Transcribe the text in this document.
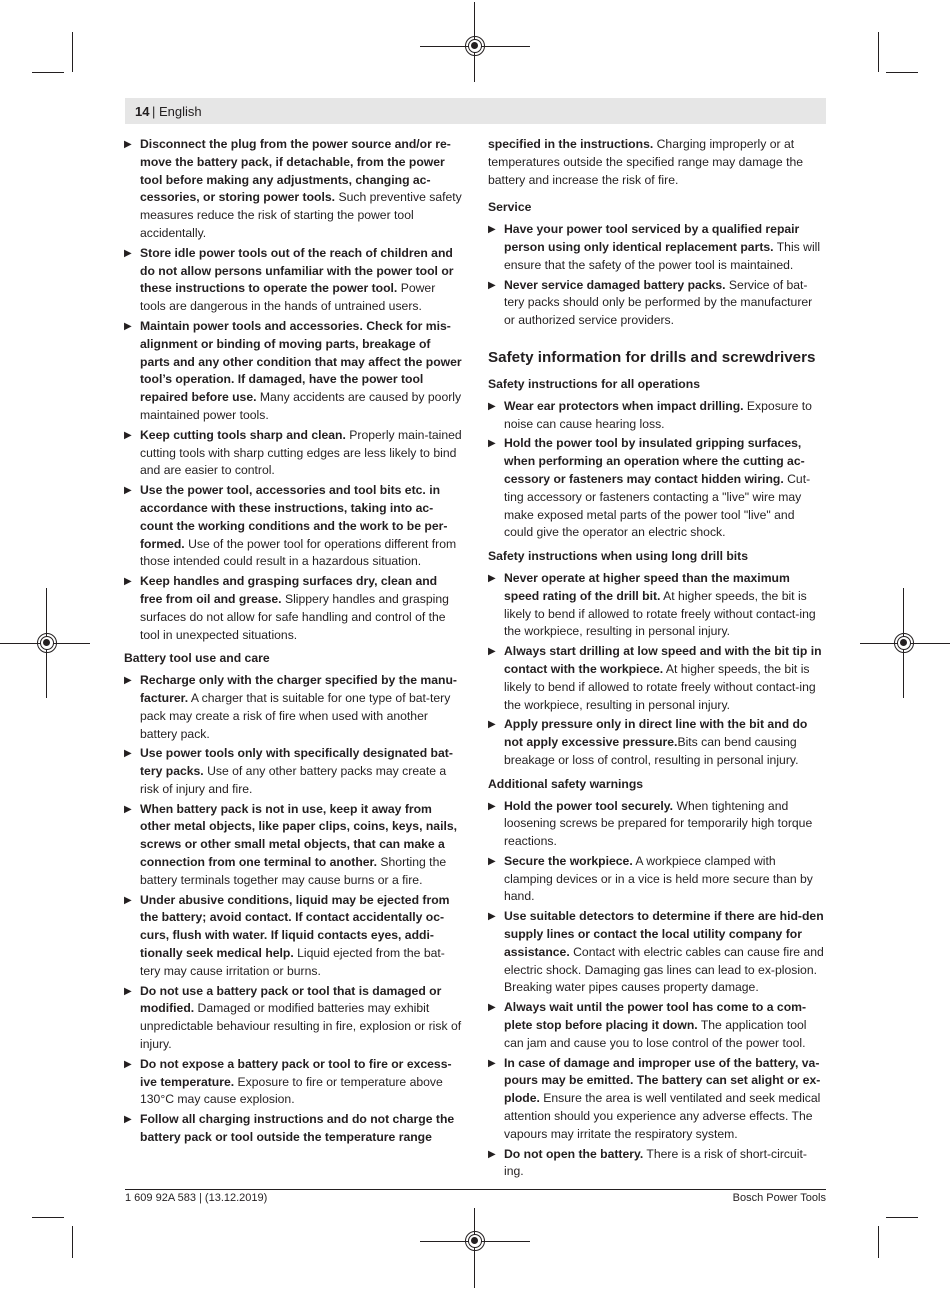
14 | English
▶ Disconnect the plug from the power source and/or re-move the battery pack, if detachable, from the power tool before making any adjustments, changing ac-cessories, or storing power tools. Such preventive safety measures reduce the risk of starting the power tool accidentally.
▶ Store idle power tools out of the reach of children and do not allow persons unfamiliar with the power tool or these instructions to operate the power tool. Power tools are dangerous in the hands of untrained users.
▶ Maintain power tools and accessories. Check for mis-alignment or binding of moving parts, breakage of parts and any other condition that may affect the power tool’s operation. If damaged, have the power tool repaired before use. Many accidents are caused by poorly maintained power tools.
▶ Keep cutting tools sharp and clean. Properly main-tained cutting tools with sharp cutting edges are less likely to bind and are easier to control.
▶ Use the power tool, accessories and tool bits etc. in accordance with these instructions, taking into ac-count the working conditions and the work to be per-formed. Use of the power tool for operations different from those intended could result in a hazardous situation.
▶ Keep handles and grasping surfaces dry, clean and free from oil and grease. Slippery handles and grasping surfaces do not allow for safe handling and control of the tool in unexpected situations.
Battery tool use and care
▶ Recharge only with the charger specified by the manu-facturer. A charger that is suitable for one type of bat-tery pack may create a risk of fire when used with another battery pack.
▶ Use power tools only with specifically designated bat-tery packs. Use of any other battery packs may create a risk of injury and fire.
▶ When battery pack is not in use, keep it away from other metal objects, like paper clips, coins, keys, nails, screws or other small metal objects, that can make a connection from one terminal to another. Shorting the battery terminals together may cause burns or a fire.
▶ Under abusive conditions, liquid may be ejected from the battery; avoid contact. If contact accidentally oc-curs, flush with water. If liquid contacts eyes, addi-tionally seek medical help. Liquid ejected from the bat-tery may cause irritation or burns.
▶ Do not use a battery pack or tool that is damaged or modified. Damaged or modified batteries may exhibit unpredictable behaviour resulting in fire, explosion or risk of injury.
▶ Do not expose a battery pack or tool to fire or excess-ive temperature. Exposure to fire or temperature above 130°C may cause explosion.
▶ Follow all charging instructions and do not charge the battery pack or tool outside the temperature range
specified in the instructions. Charging improperly or at temperatures outside the specified range may damage the battery and increase the risk of fire.
Service
▶ Have your power tool serviced by a qualified repair person using only identical replacement parts. This will ensure that the safety of the power tool is maintained.
▶ Never service damaged battery packs. Service of bat-tery packs should only be performed by the manufacturer or authorized service providers.
Safety information for drills and screwdrivers
Safety instructions for all operations
▶ Wear ear protectors when impact drilling. Exposure to noise can cause hearing loss.
▶ Hold the power tool by insulated gripping surfaces, when performing an operation where the cutting ac-cessory or fasteners may contact hidden wiring. Cut-ting accessory or fasteners contacting a "live" wire may make exposed metal parts of the power tool "live" and could give the operator an electric shock.
Safety instructions when using long drill bits
▶ Never operate at higher speed than the maximum speed rating of the drill bit. At higher speeds, the bit is likely to bend if allowed to rotate freely without contact-ing the workpiece, resulting in personal injury.
▶ Always start drilling at low speed and with the bit tip in contact with the workpiece. At higher speeds, the bit is likely to bend if allowed to rotate freely without contact-ing the workpiece, resulting in personal injury.
▶ Apply pressure only in direct line with the bit and do not apply excessive pressure.Bits can bend causing breakage or loss of control, resulting in personal injury.
Additional safety warnings
▶ Hold the power tool securely. When tightening and loosening screws be prepared for temporarily high torque reactions.
▶ Secure the workpiece. A workpiece clamped with clamping devices or in a vice is held more secure than by hand.
▶ Use suitable detectors to determine if there are hid-den supply lines or contact the local utility company for assistance. Contact with electric cables can cause fire and electric shock. Damaging gas lines can lead to ex-plosion. Breaking water pipes causes property damage.
▶ Always wait until the power tool has come to a com-plete stop before placing it down. The application tool can jam and cause you to lose control of the power tool.
▶ In case of damage and improper use of the battery, va-pours may be emitted. The battery can set alight or ex-plode. Ensure the area is well ventilated and seek medical attention should you experience any adverse effects. The vapours may irritate the respiratory system.
▶ Do not open the battery. There is a risk of short-circuit-ing.
1 609 92A 583 | (13.12.2019)	Bosch Power Tools
